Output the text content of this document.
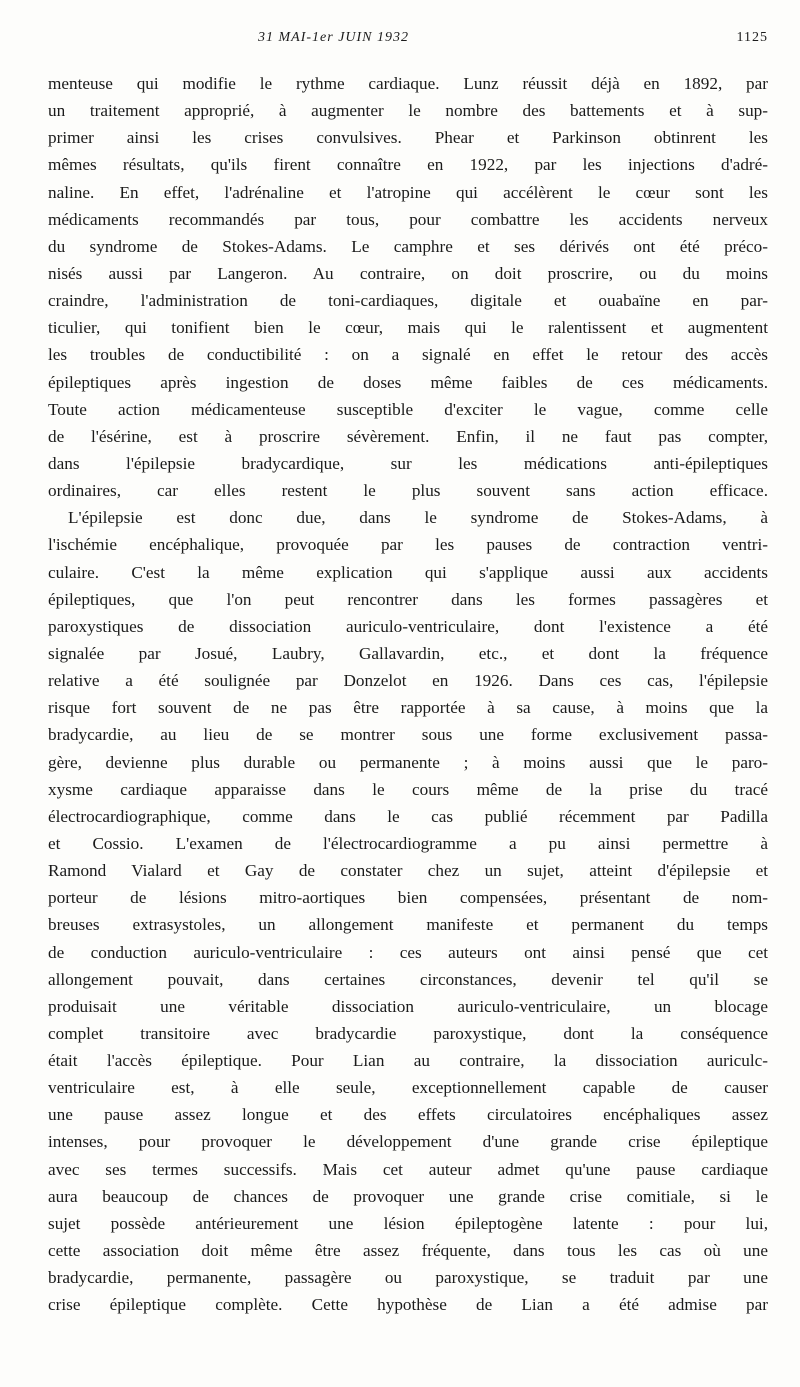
31 MAI-1er JUIN 1932	1125
menteuse qui modifie le rythme cardiaque. Lunz réussit déjà en 1892, par
un traitement approprié, à augmenter le nombre des battements et à sup-
primer ainsi les crises convulsives. Phear et Parkinson obtinrent les
mêmes résultats, qu'ils firent connaître en 1922, par les injections d'adré-
naline. En effet, l'adrénaline et l'atropine qui accélèrent le cœur sont les
médicaments recommandés par tous, pour combattre les accidents nerveux
du syndrome de Stokes-Adams. Le camphre et ses dérivés ont été préco-
nisés aussi par Langeron. Au contraire, on doit proscrire, ou du moins
craindre, l'administration de toni-cardiaques, digitale et ouabaïne en par-
ticulier, qui tonifient bien le cœur, mais qui le ralentissent et augmentent
les troubles de conductibilité : on a signalé en effet le retour des accès
épileptiques après ingestion de doses même faibles de ces médicaments.
Toute action médicamenteuse susceptible d'exciter le vague, comme celle
de l'ésérine, est à proscrire sévèrement. Enfin, il ne faut pas compter,
dans l'épilepsie bradycardique, sur les médications anti-épileptiques
ordinaires, car elles restent le plus souvent sans action efficace.
L'épilepsie est donc due, dans le syndrome de Stokes-Adams, à
l'ischémie encéphalique, provoquée par les pauses de contraction ventri-
culaire. C'est la même explication qui s'applique aussi aux accidents
épileptiques, que l'on peut rencontrer dans les formes passagères et
paroxystiques de dissociation auriculo-ventriculaire, dont l'existence a été
signalée par Josué, Laubry, Gallavardin, etc., et dont la fréquence
relative a été soulignée par Donzelot en 1926. Dans ces cas, l'épilepsie
risque fort souvent de ne pas être rapportée à sa cause, à moins que la
bradycardie, au lieu de se montrer sous une forme exclusivement passa-
gère, devienne plus durable ou permanente ; à moins aussi que le paro-
xysme cardiaque apparaisse dans le cours même de la prise du tracé
électrocardiographique, comme dans le cas publié récemment par Padilla
et Cossio. L'examen de l'électrocardiogramme a pu ainsi permettre à
Ramond Vialard et Gay de constater chez un sujet, atteint d'épilepsie et
porteur de lésions mitro-aortiques bien compensées, présentant de nom-
breuses extrasystoles, un allongement manifeste et permanent du temps
de conduction auriculo-ventriculaire : ces auteurs ont ainsi pensé que cet
allongement pouvait, dans certaines circonstances, devenir tel qu'il se
produisait une véritable dissociation auriculo-ventriculaire, un blocage
complet transitoire avec bradycardie paroxystique, dont la conséquence
était l'accès épileptique. Pour Lian au contraire, la dissociation auriculc-
ventriculaire est, à elle seule, exceptionnellement capable de causer
une pause assez longue et des effets circulatoires encéphaliques assez
intenses, pour provoquer le développement d'une grande crise épileptique
avec ses termes successifs. Mais cet auteur admet qu'une pause cardiaque
aura beaucoup de chances de provoquer une grande crise comitiale, si le
sujet possède antérieurement une lésion épileptogène latente : pour lui,
cette association doit même être assez fréquente, dans tous les cas où une
bradycardie, permanente, passagère ou paroxystique, se traduit par une
crise épileptique complète. Cette hypothèse de Lian a été admise par
